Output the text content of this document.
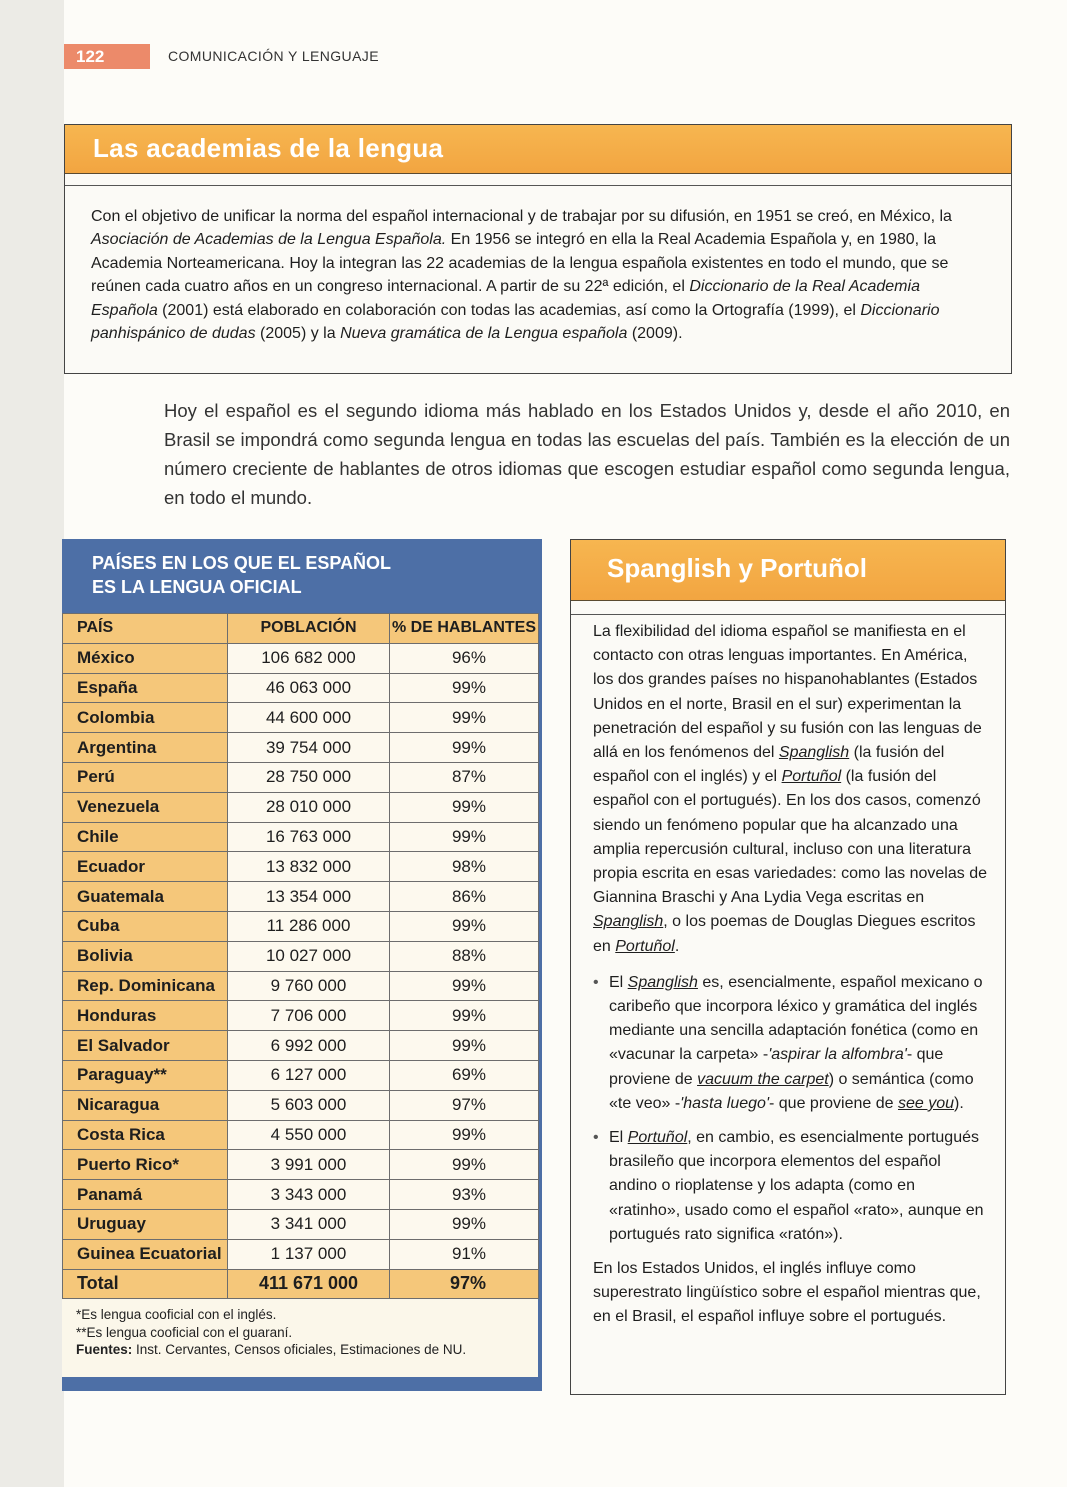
122	COMUNICACIÓN Y LENGUAJE
Las academias de la lengua
Con el objetivo de unificar la norma del español internacional y de trabajar por su difusión, en 1951 se creó, en México, la Asociación de Academias de la Lengua Española. En 1956 se integró en ella la Real Academia Española y, en 1980, la Academia Norteamericana. Hoy la integran las 22 academias de la lengua española existentes en todo el mundo, que se reúnen cada cuatro años en un congreso internacional. A partir de su 22ª edición, el Diccionario de la Real Academia Española (2001) está elaborado en colaboración con todas las academias, así como la Ortografía (1999), el Diccionario panhispánico de dudas (2005) y la Nueva gramática de la Lengua española (2009).
Hoy el español es el segundo idioma más hablado en los Estados Unidos y, desde el año 2010, en Brasil se impondrá como segunda lengua en todas las escuelas del país. También es la elección de un número creciente de hablantes de otros idiomas que escogen estudiar español como segunda lengua, en todo el mundo.
PAÍSES EN LOS QUE EL ESPAÑOL
ES LA LENGUA OFICIAL
PAÍS	POBLACIÓN	% DE HABLANTES
México	106 682 000	96%
España	46 063 000	99%
Colombia	44 600 000	99%
Argentina	39 754 000	99%
Perú	28 750 000	87%
Venezuela	28 010 000	99%
Chile	16 763 000	99%
Ecuador	13 832 000	98%
Guatemala	13 354 000	86%
Cuba	11 286 000	99%
Bolivia	10 027 000	88%
Rep. Dominicana	9 760 000	99%
Honduras	7 706 000	99%
El Salvador	6 992 000	99%
Paraguay**	6 127 000	69%
Nicaragua	5 603 000	97%
Costa Rica	4 550 000	99%
Puerto Rico*	3 991 000	99%
Panamá	3 343 000	93%
Uruguay	3 341 000	99%
Guinea Ecuatorial	1 137 000	91%
Total	411 671 000	97%
*Es lengua cooficial con el inglés.
**Es lengua cooficial con el guaraní.
Fuentes: Inst. Cervantes, Censos oficiales, Estimaciones de NU.
Spanglish y Portuñol

La flexibilidad del idioma español se manifiesta en el contacto con otras lenguas importantes. En América, los dos grandes países no hispanohablantes (Estados Unidos en el norte, Brasil en el sur) experimentan la penetración del español y su fusión con las lenguas de allá en los fenómenos del Spanglish (la fusión del español con el inglés) y el Portuñol (la fusión del español con el portugués). En los dos casos, comenzó siendo un fenómeno popular que ha alcanzado una amplia repercusión cultural, incluso con una literatura propia escrita en esas variedades: como las novelas de Giannina Braschi y Ana Lydia Vega escritas en Spanglish, o los poemas de Douglas Diegues escritos en Portuñol.

• El Spanglish es, esencialmente, español mexicano o caribeño que incorpora léxico y gramática del inglés mediante una sencilla adaptación fonética (como en «vacunar la carpeta» -'aspirar la alfombra'- que proviene de vacuum the carpet) o semántica (como «te veo» -'hasta luego'- que proviene de see you).
• El Portuñol, en cambio, es esencialmente portugués brasileño que incorpora elementos del español andino o rioplatense y los adapta (como en «ratinho», usado como el español «rato», aunque en portugués rato significa «ratón»).

En los Estados Unidos, el inglés influye como superestrato lingüístico sobre el español mientras que, en el Brasil, el español influye sobre el portugués.
